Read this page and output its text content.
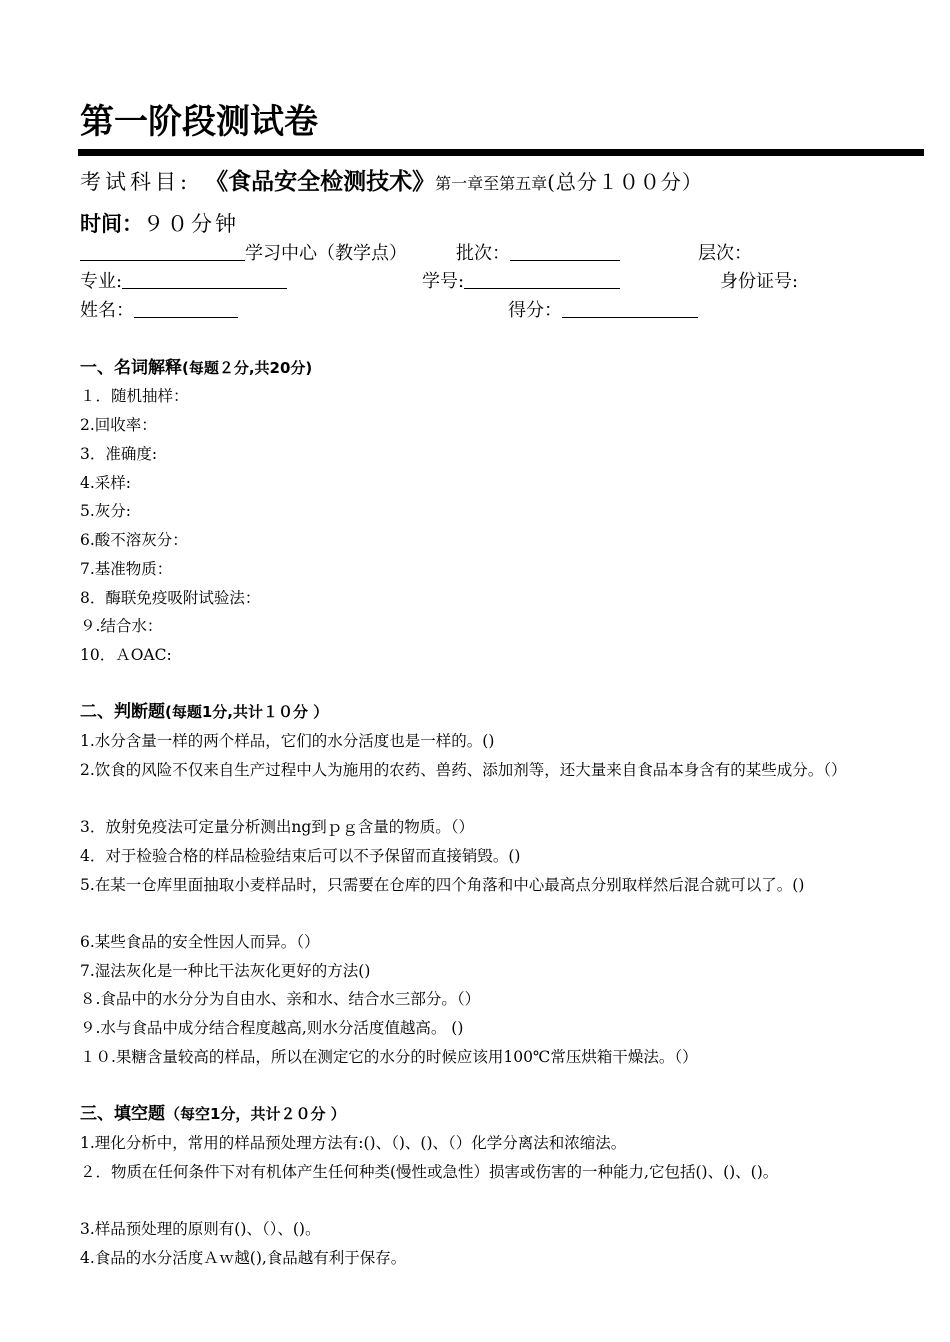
第一阶段测试卷
考试科目: 《食品安全检测技术》第一章至第五章(总分１００分）
时间：９０分钟
学习中心（教学点）	批次：	层次：
专业:	学号:	身份证号:
姓名：	得分：
一、名词解释(每题２分,共20分)
１．随机抽样：
2.回收率：
3．准确度:
4.采样:
5.灰分:
6.酸不溶灰分：
7.基准物质：
8．酶联免疫吸附试验法：
９.结合水：
10．ＡOAC:
二、判断题(每题1分,共计１０分 ）
1.水分含量一样的两个样品，它们的水分活度也是一样的。()
2.饮食的风险不仅来自生产过程中人为施用的农药、兽药、添加剂等，还大量来自食品本身含有的某些成分。（）
3．放射免疫法可定量分析测出ng到ｐｇ含量的物质。（）
4．对于检验合格的样品检验结束后可以不予保留而直接销毁。()
5.在某一仓库里面抽取小麦样品时，只需要在仓库的四个角落和中心最高点分别取样然后混合就可以了。()
6.某些食品的安全性因人而异。（）
7.湿法灰化是一种比干法灰化更好的方法()
８.食品中的水分分为自由水、亲和水、结合水三部分。（）
９.水与食品中成分结合程度越高,则水分活度值越高。 ()
１０.果糖含量较高的样品，所以在测定它的水分的时候应该用100℃常压烘箱干燥法。（）
三、填空题（每空1分，共计２０分 ）
1.理化分析中，常用的样品预处理方法有:()、（)、()、（）化学分离法和浓缩法。
２．物质在任何条件下对有机体产生任何种类(慢性或急性）损害或伤害的一种能力,它包括()、()、()。
3.样品预处理的原则有()、（）、()。
4.食品的水分活度Ａｗ越(),食品越有利于保存。
